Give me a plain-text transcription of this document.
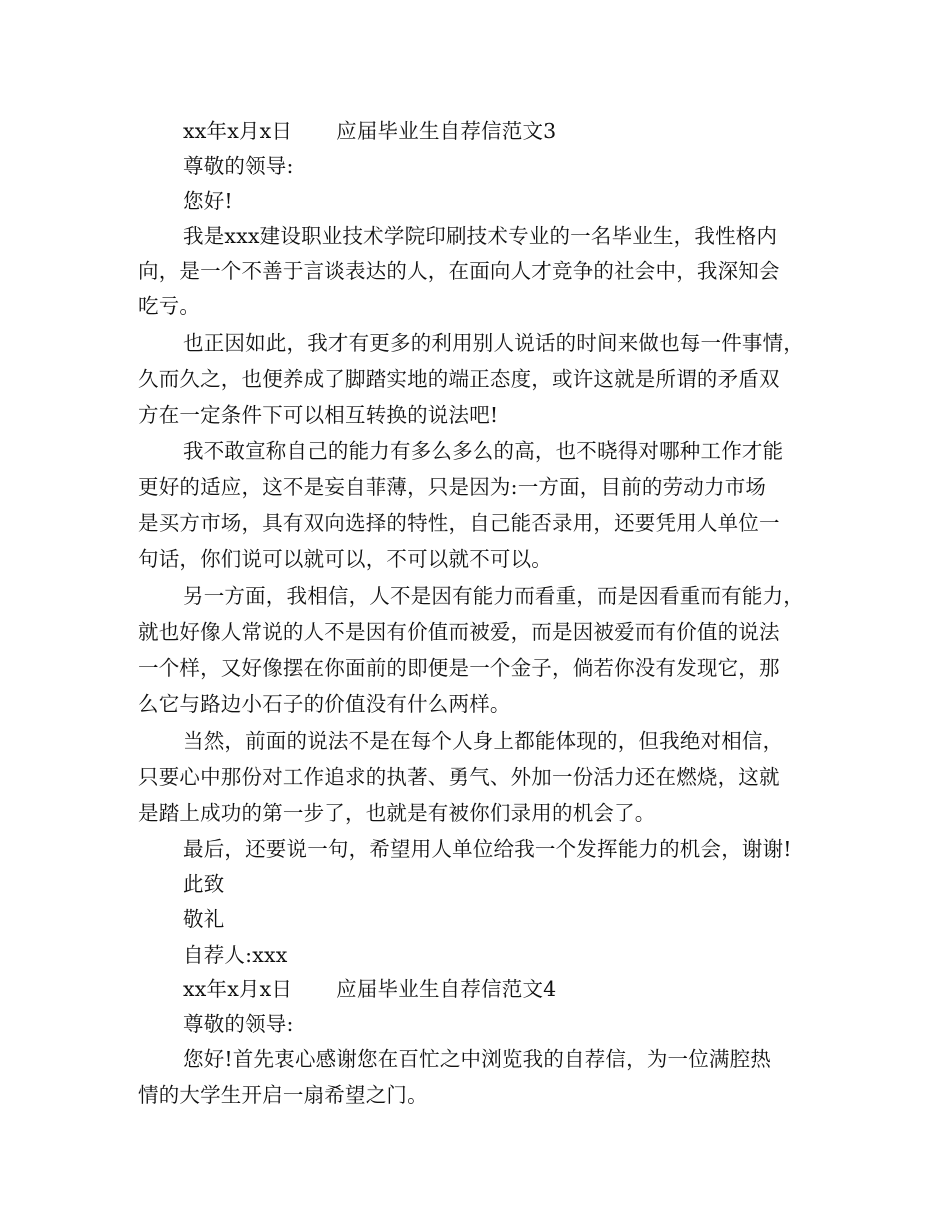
xx年x月x日 应届毕业生自荐信范文3
尊敬的领导:
您好!
我是xxx建设职业技术学院印刷技术专业的一名毕业生，我性格内
向，是一个不善于言谈表达的人，在面向人才竞争的社会中，我深知会
吃亏。
也正因如此，我才有更多的利用别人说话的时间来做也每一件事情，
久而久之，也便养成了脚踏实地的端正态度，或许这就是所谓的矛盾双
方在一定条件下可以相互转换的说法吧!
我不敢宣称自己的能力有多么多么的高，也不晓得对哪种工作才能
更好的适应，这不是妄自菲薄，只是因为:一方面，目前的劳动力市场
是买方市场，具有双向选择的特性，自己能否录用，还要凭用人单位一
句话，你们说可以就可以，不可以就不可以。
另一方面，我相信，人不是因有能力而看重，而是因看重而有能力，
就也好像人常说的人不是因有价值而被爱，而是因被爱而有价值的说法
一个样，又好像摆在你面前的即便是一个金子，倘若你没有发现它，那
么它与路边小石子的价值没有什么两样。
当然，前面的说法不是在每个人身上都能体现的，但我绝对相信，
只要心中那份对工作追求的执著、勇气、外加一份活力还在燃烧，这就
是踏上成功的第一步了，也就是有被你们录用的机会了。
最后，还要说一句，希望用人单位给我一个发挥能力的机会，谢谢!
此致
敬礼
自荐人:xxx
xx年x月x日 应届毕业生自荐信范文4
尊敬的领导:
您好!首先衷心感谢您在百忙之中浏览我的自荐信，为一位满腔热
情的大学生开启一扇希望之门。
